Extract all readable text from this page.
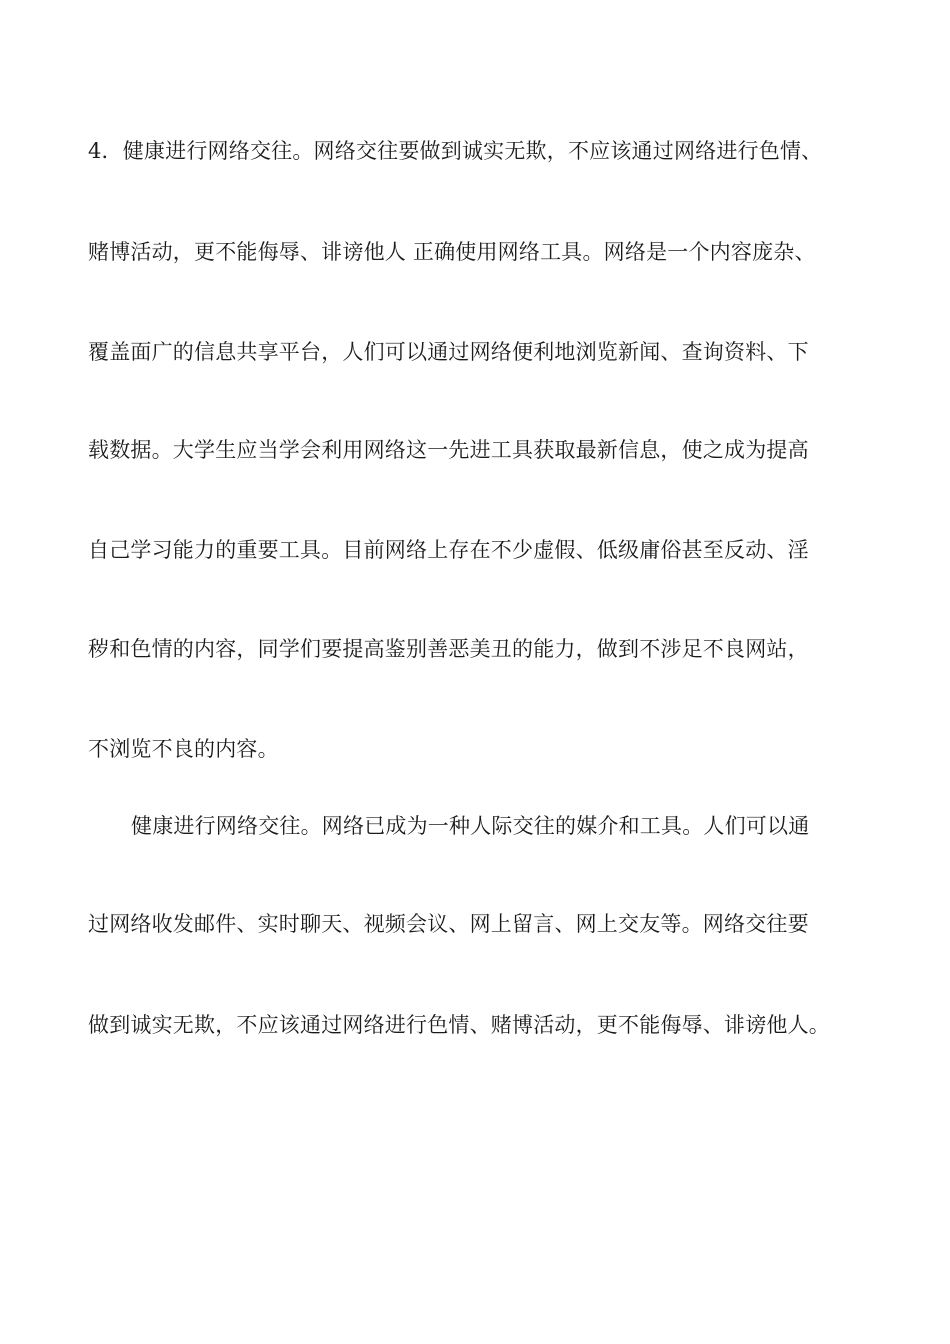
4．健康进行网络交往。网络交往要做到诚实无欺，不应该通过网络进行色情、
赌博活动，更不能侮辱、诽谤他人 正确使用网络工具。网络是一个内容庞杂、
覆盖面广的信息共享平台，人们可以通过网络便利地浏览新闻、查询资料、下
载数据。大学生应当学会利用网络这一先进工具获取最新信息，使之成为提高
自己学习能力的重要工具。目前网络上存在不少虚假、低级庸俗甚至反动、淫
秽和色情的内容，同学们要提高鉴别善恶美丑的能力，做到不涉足不良网站，
不浏览不良的内容。
健康进行网络交往。网络已成为一种人际交往的媒介和工具。人们可以通
过网络收发邮件、实时聊天、视频会议、网上留言、网上交友等。网络交往要
做到诚实无欺，不应该通过网络进行色情、赌博活动，更不能侮辱、诽谤他人。
